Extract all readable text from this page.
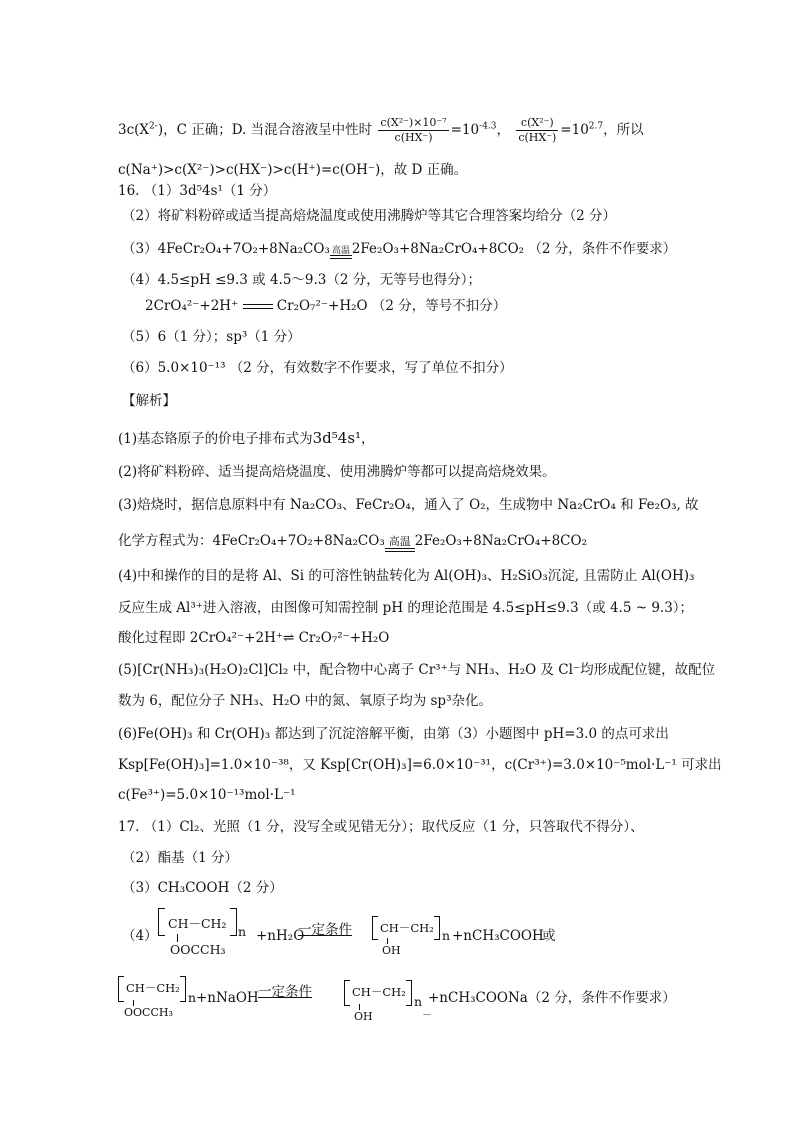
$3c(X^{2-})$，C 正确；D. 当混合溶液呈中性时 $\frac{\text{c(X²⁻)×10⁻⁷}}{c(HX^-)} =10^{-4.3}$， $\frac{\text{c(X²⁻)}}{c(HX^-)} =10^{2.7}$，所以
c(Na⁺)>c(X²⁻)>c(HX⁻)>c(H⁺)=c(OH⁻)，故 D 正确。
16. （1）3d⁵4s¹（1 分）
（2）将矿料粉碎或适当提高焙烧温度或使用沸腾炉等其它合理答案均给分（2 分）
（3）4FeCr₂O₄+7O₂+8Na₂CO₃ 高温 2Fe₂O₃+8Na₂CrO₄+8CO₂ （2 分，条件不作要求）
（4）4.5≤pH ≤9.3 或 4.5～9.3（2 分，无等号也得分）；
2CrO₄²⁻+2H⁺	Cr₂O₇²⁻+H₂O （2 分，等号不扣分）
（5）6（1 分）；sp³（1 分）
（6）5.0×10⁻¹³ （2 分，有效数字不作要求，写了单位不扣分）
【解析】
(1)基态铬原子的价电子排布式为3d⁵4s¹，
(2)将矿料粉碎、适当提高焙烧温度、使用沸腾炉等都可以提高焙烧效果。
(3)焙烧时，据信息原料中有 Na₂CO₃、FeCr₂O₄，通入了 O₂，生成物中 Na₂CrO₄ 和 Fe₂O₃, 故
化学方程式为：4FeCr₂O₄+7O₂+8Na₂CO₃ 高温 2Fe₂O₃+8Na₂CrO₄+8CO₂
(4)中和操作的目的是将 Al、Si 的可溶性钠盐转化为 Al(OH)₃、H₂SiO₃沉淀, 且需防止 Al(OH)₃
反应生成 Al³⁺进入溶液，由图像可知需控制 pH 的理论范围是 4.5≤pH≤9.3（或 4.5 ~ 9.3）；
酸化过程即 2CrO₄²⁻+2H⁺⇌ Cr₂O₇²⁻+H₂O
(5)[Cr(NH₃)₃(H₂O)₂Cl]Cl₂ 中，配合物中心离子 Cr³⁺与 NH₃、H₂O 及 Cl⁻均形成配位键，故配位
数为 6，配位分子 NH₃、H₂O 中的氮、氧原子均为 sp³杂化。
(6)Fe(OH)₃ 和 Cr(OH)₃ 都达到了沉淀溶解平衡，由第（3）小题图中 pH=3.0 的点可求出
Ksp[Fe(OH)₃]=1.0×10⁻³⁸，又 Ksp[Cr(OH)₃]=6.0×10⁻³¹，c(Cr³⁺)=3.0×10⁻⁵mol·L⁻¹ 可求出
c(Fe³⁺)=5.0×10⁻¹³mol·L⁻¹
17. （1）Cl₂、光照（1 分，没写全或见错无分）；取代反应（1 分，只答取代不得分）、
（2）酯基（1 分）
（3）CH₃COOH（2 分）
（4）
CH－CH₂
n
OOCCH₃
+nH₂O
一定条件 CH－CH₂ n
OH
+nCH₃COOH
或
CH－CH₂
n
OOCCH₃
+nNaOH 一定条件	CH－CH₂
n
OH
+nCH₃COONa（2 分，条件不作要求）
－
